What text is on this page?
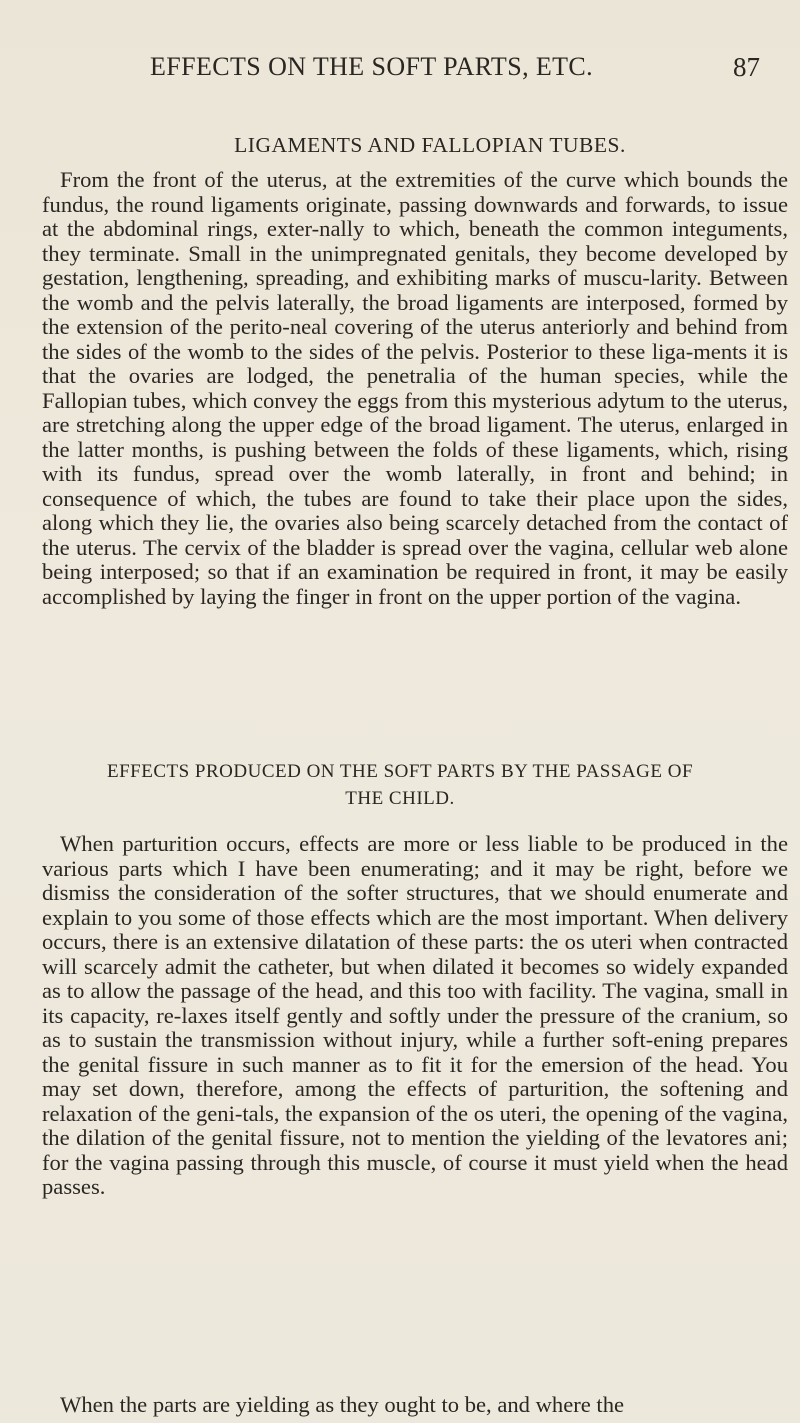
EFFECTS ON THE SOFT PARTS, ETC.	87
LIGAMENTS AND FALLOPIAN TUBES.

From the front of the uterus, at the extremities of the curve which bounds the fundus, the round ligaments originate, passing downwards and forwards, to issue at the abdominal rings, exter-nally to which, beneath the common integuments, they terminate. Small in the unimpregnated genitals, they become developed by gestation, lengthening, spreading, and exhibiting marks of muscu-larity. Between the womb and the pelvis laterally, the broad ligaments are interposed, formed by the extension of the perito-neal covering of the uterus anteriorly and behind from the sides of the womb to the sides of the pelvis. Posterior to these liga-ments it is that the ovaries are lodged, the penetralia of the human species, while the Fallopian tubes, which convey the eggs from this mysterious adytum to the uterus, are stretching along the upper edge of the broad ligament. The uterus, enlarged in the latter months, is pushing between the folds of these ligaments, which, rising with its fundus, spread over the womb laterally, in front and behind; in consequence of which, the tubes are found to take their place upon the sides, along which they lie, the ovaries also being scarcely detached from the contact of the uterus. The cervix of the bladder is spread over the vagina, cellular web alone being interposed; so that if an examination be required in front, it may be easily accomplished by laying the finger in front on the upper portion of the vagina.

EFFECTS PRODUCED ON THE SOFT PARTS BY THE PASSAGE OF
THE CHILD.

When parturition occurs, effects are more or less liable to be produced in the various parts which I have been enumerating; and it may be right, before we dismiss the consideration of the softer structures, that we should enumerate and explain to you some of those effects which are the most important. When delivery occurs, there is an extensive dilatation of these parts: the os uteri when contracted will scarcely admit the catheter, but when dilated it becomes so widely expanded as to allow the passage of the head, and this too with facility. The vagina, small in its capacity, re-laxes itself gently and softly under the pressure of the cranium, so as to sustain the transmission without injury, while a further soft-ening prepares the genital fissure in such manner as to fit it for the emersion of the head. You may set down, therefore, among the effects of parturition, the softening and relaxation of the geni-tals, the expansion of the os uteri, the opening of the vagina, the dilation of the genital fissure, not to mention the yielding of the levatores ani; for the vagina passing through this muscle, of course it must yield when the head passes.

When the parts are yielding as they ought to be, and where the
